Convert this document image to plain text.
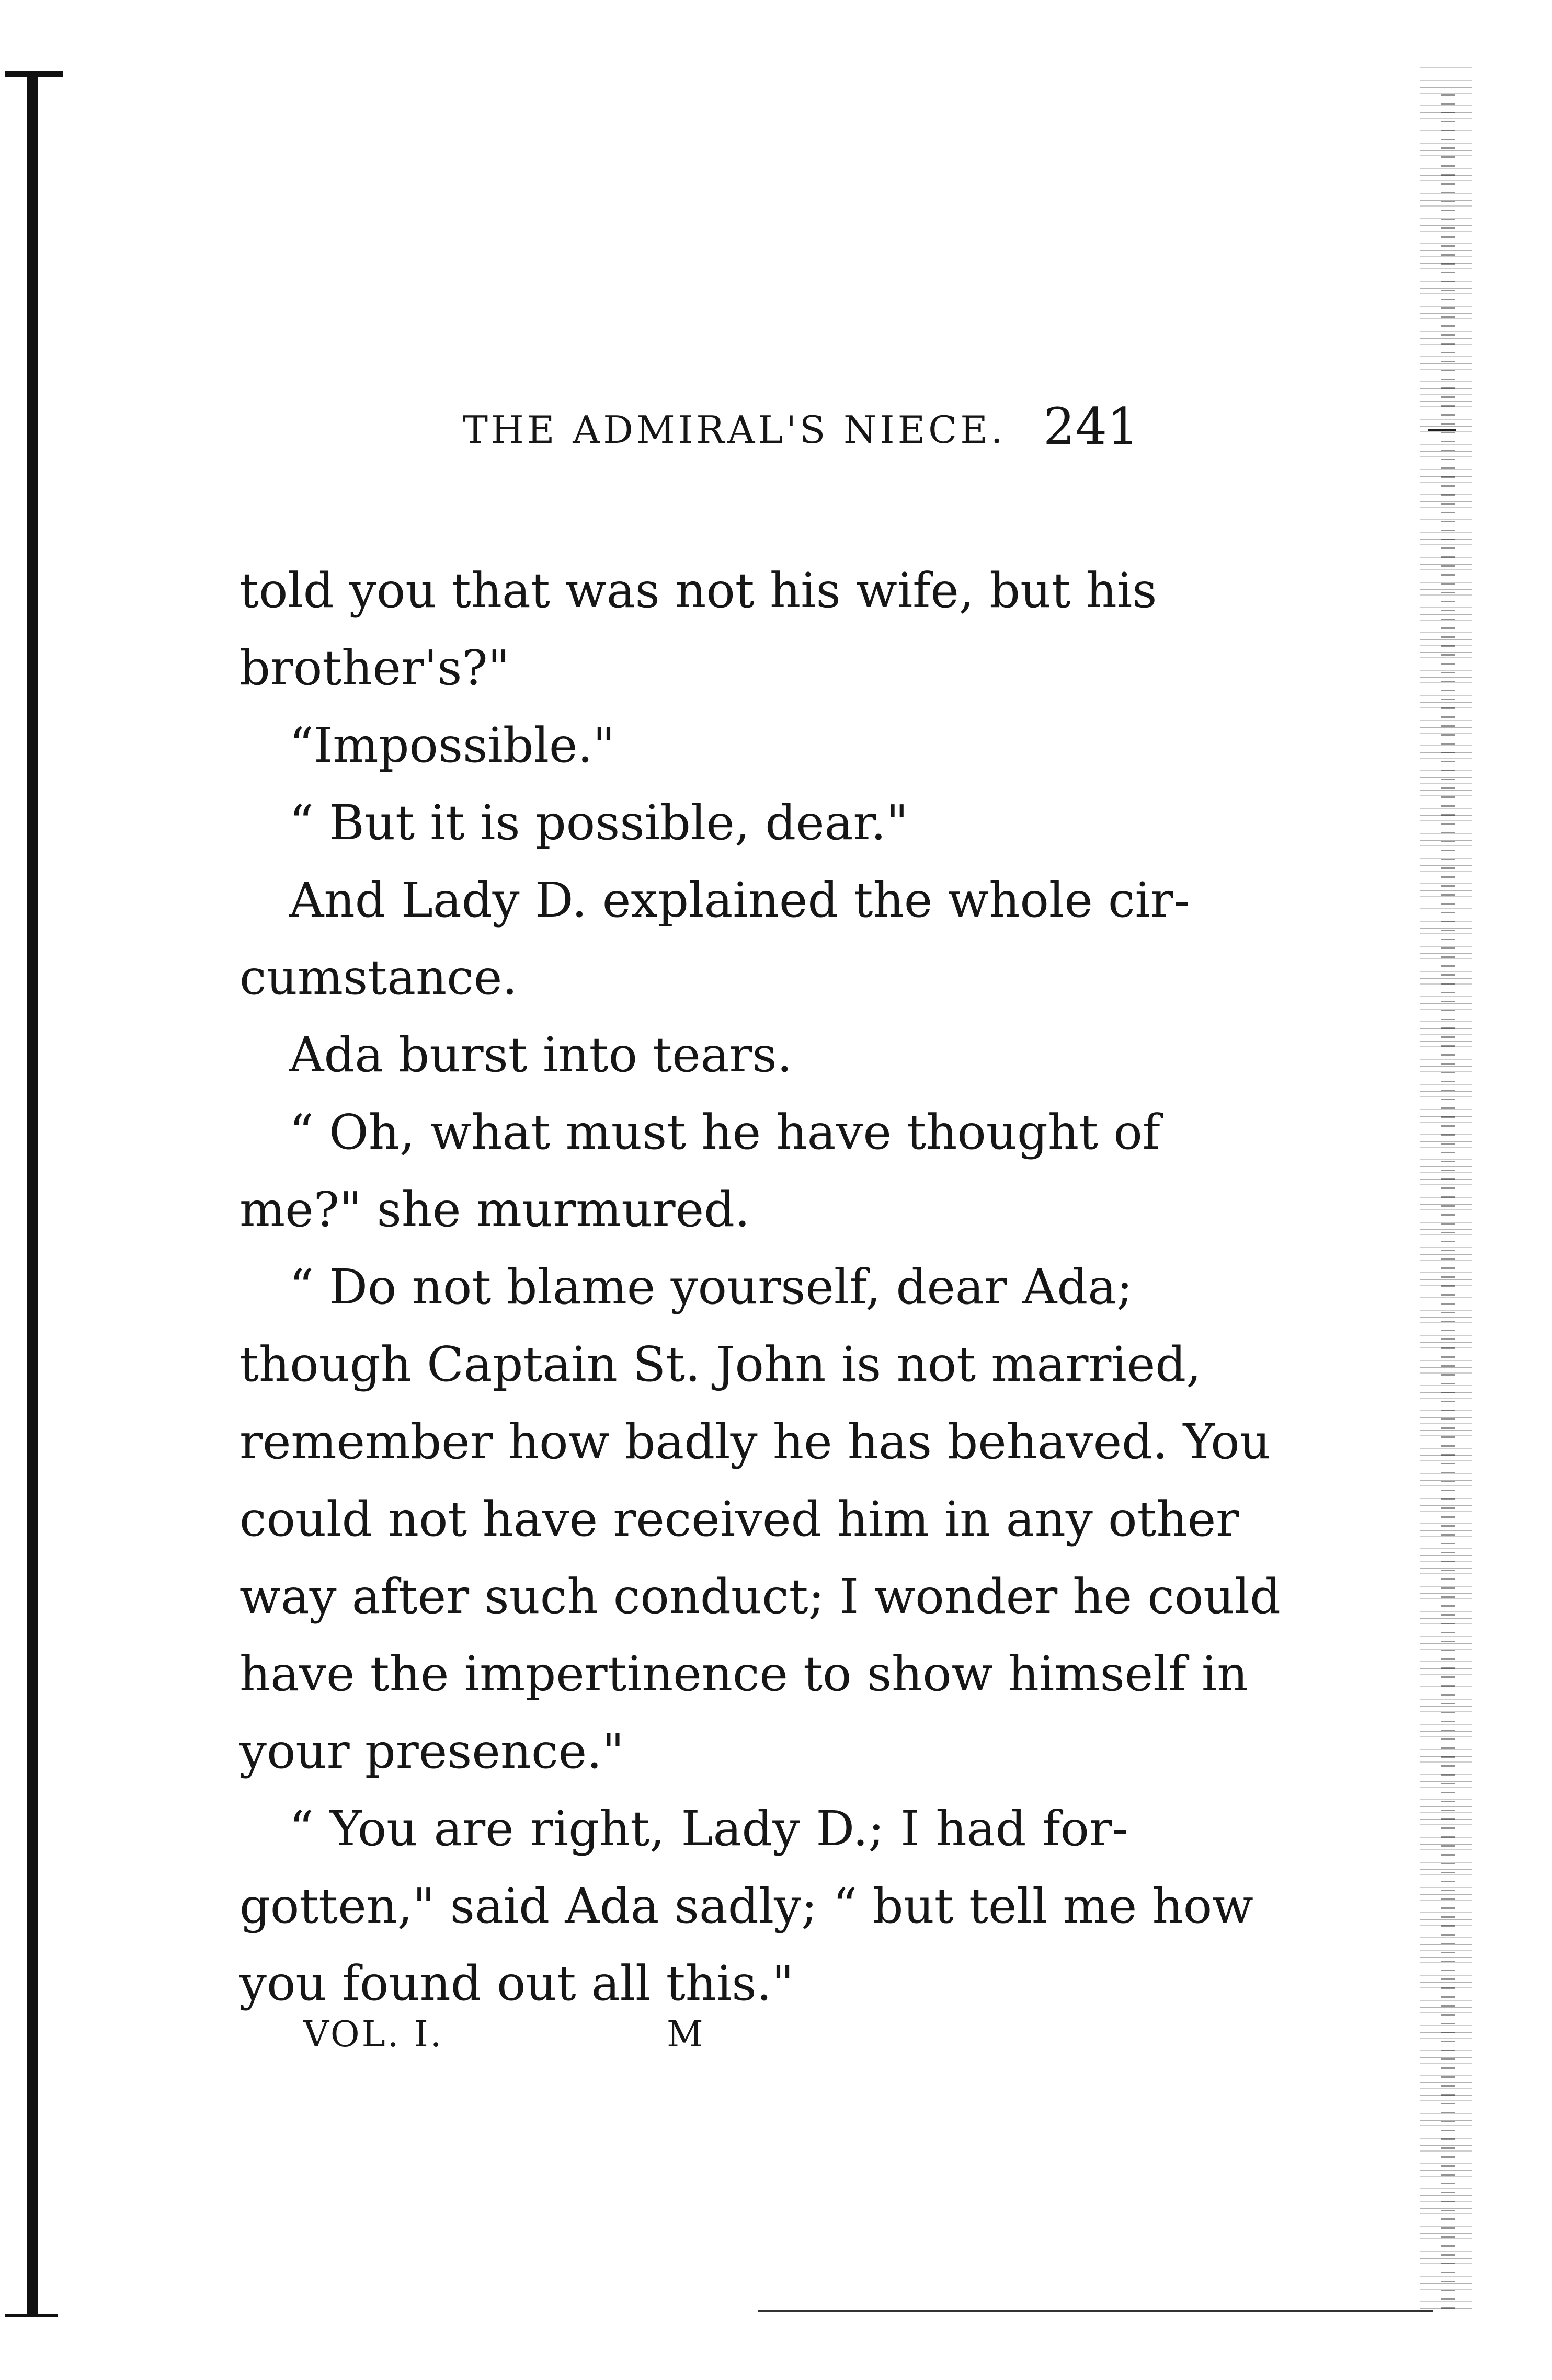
THE ADMIRAL'S NIECE. 241
told you that was not his wife, but his
brother's?"
“Impossible."
“ But it is possible, dear."
And Lady D. explained the whole cir-
cumstance.
Ada burst into tears.
“ Oh, what must he have thought of
me?" she murmured.
“ Do not blame yourself, dear Ada;
though Captain St. John is not married,
remember how badly he has behaved. You
could not have received him in any other
way after such conduct; I wonder he could
have the impertinence to show himself in
your presence."
“ You are right, Lady D.; I had for-
gotten," said Ada sadly; “ but tell me how
you found out all this."
VOL. I.	M
